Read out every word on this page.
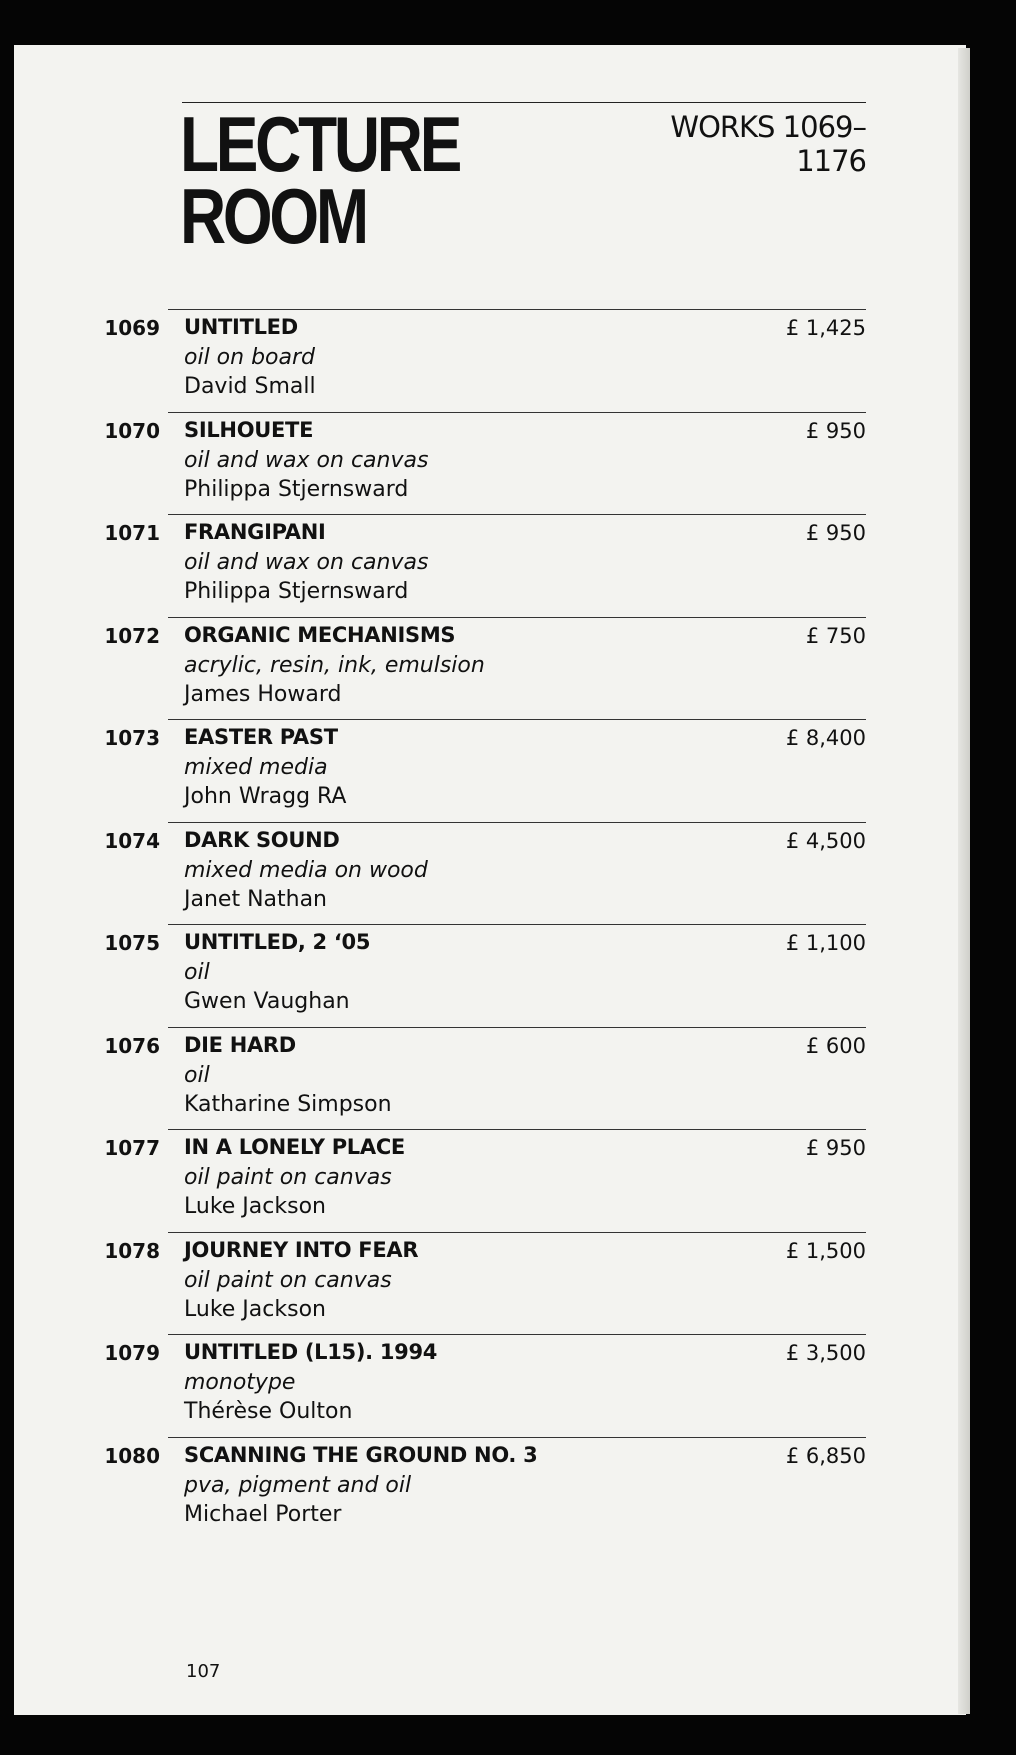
LECTURE
ROOM
WORKS 1069–1176
1069 UNTITLED
oil on board
David Small
£ 1,425
1070 SILHOUETE
oil and wax on canvas
Philippa Stjernsward
£ 950
1071 FRANGIPANI
oil and wax on canvas
Philippa Stjernsward
£ 950
1072 ORGANIC MECHANISMS
acrylic, resin, ink, emulsion
James Howard
£ 750
1073 EASTER PAST
mixed media
John Wragg RA
£ 8,400
1074 DARK SOUND
mixed media on wood
Janet Nathan
£ 4,500
1075 UNTITLED, 2 ‘05
oil
Gwen Vaughan
£ 1,100
1076 DIE HARD
oil
Katharine Simpson
£ 600
1077 IN A LONELY PLACE
oil paint on canvas
Luke Jackson
£ 950
1078 JOURNEY INTO FEAR
oil paint on canvas
Luke Jackson
£ 1,500
1079 UNTITLED (L15). 1994
monotype
Thérèse Oulton
£ 3,500
1080 SCANNING THE GROUND NO. 3
pva, pigment and oil
Michael Porter
£ 6,850
107
